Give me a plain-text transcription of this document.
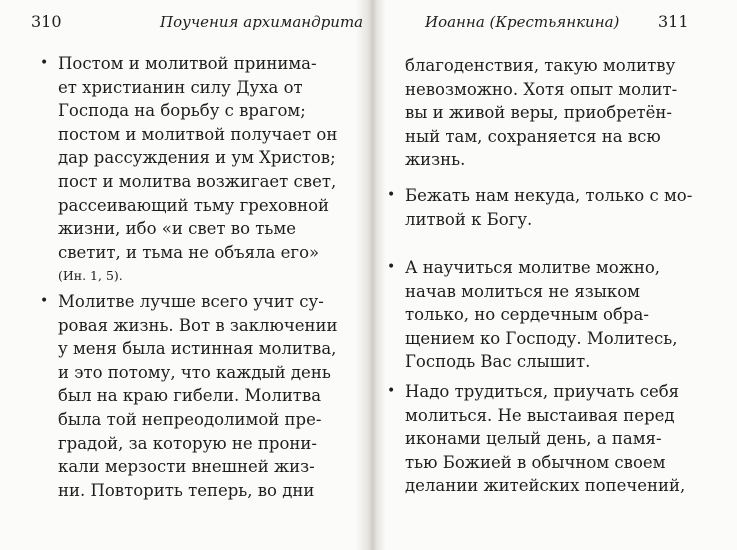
310	Поучения архимандрита
• Постом и молитвой принима-
ет христианин силу Духа от
Господа на борьбу с врагом;
постом и молитвой получает он
дар рассуждения и ум Христов;
пост и молитва возжигает свет,
рассеивающий тьму греховной
жизни, ибо «и свет во тьме
светит, и тьма не объяла его»
(Ин. 1, 5).
• Молитве лучше всего учит су-
ровая жизнь. Вот в заключении
у меня была истинная молитва,
и это потому, что каждый день
был на краю гибели. Молитва
была той непреодолимой пре-
градой, за которую не прони-
кали мерзости внешней жиз-
ни. Повторить теперь, во дни
Иоанна (Крестьянкина) 311
благоденствия, такую молитву
невозможно. Хотя опыт молит-
вы и живой веры, приобретён-
ный там, сохраняется на всю
жизнь.
• Бежать нам некуда, только с мо-
литвой к Богу.
• А научиться молитве можно,
начав молиться не языком
только, но сердечным обра-
щением ко Господу. Молитесь,
Господь Вас слышит.
• Надо трудиться, приучать себя
молиться. Не выстаивая перед
иконами целый день, а памя-
тью Божией в обычном своем
делании житейских попечений,
